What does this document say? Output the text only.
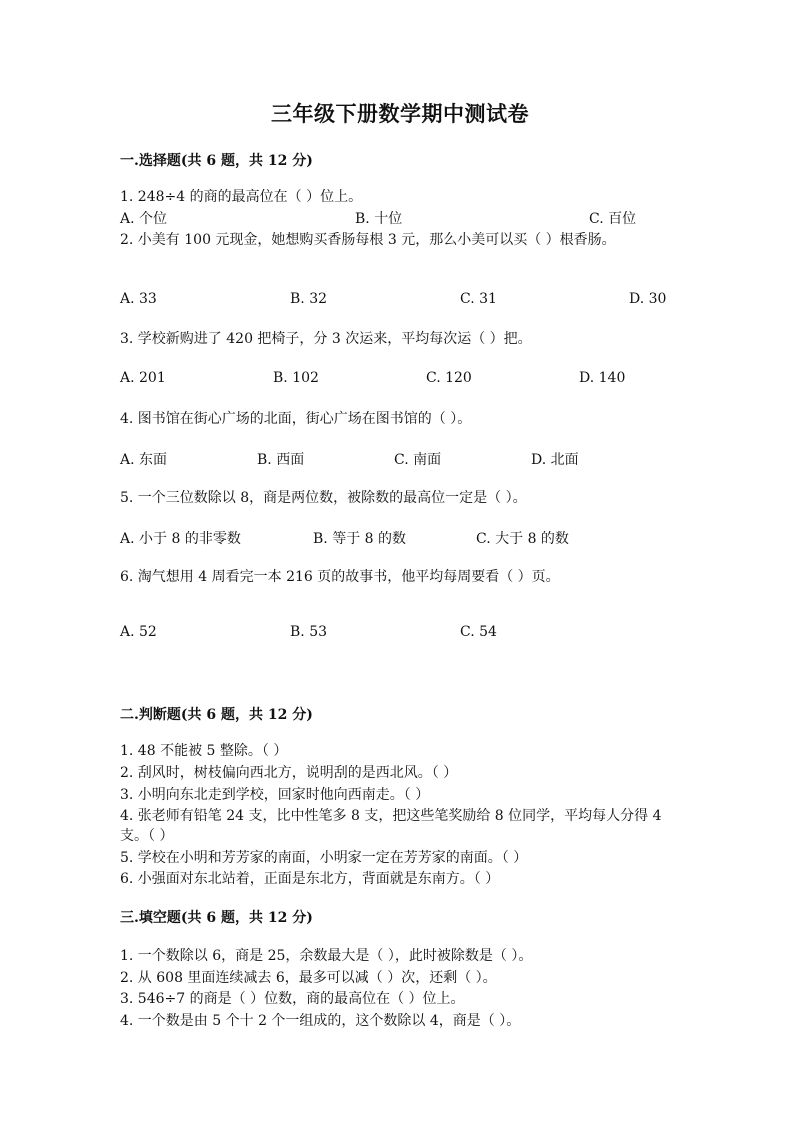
三年级下册数学期中测试卷
一.选择题(共 6 题，共 12 分)
1. 248÷4 的商的最高位在（ ）位上。
A. 个位	B. 十位	C. 百位
2. 小美有 100 元现金，她想购买香肠每根 3 元，那么小美可以买（ ）根香肠。
A. 33	B. 32	C. 31	D. 30
3. 学校新购进了 420 把椅子，分 3 次运来，平均每次运（ ）把。
A. 201	B. 102	C. 120	D. 140
4. 图书馆在街心广场的北面，街心广场在图书馆的（ ）。
A. 东面	B. 西面	C. 南面	D. 北面
5. 一个三位数除以 8，商是两位数，被除数的最高位一定是（ ）。
A. 小于 8 的非零数	B. 等于 8 的数	C. 大于 8 的数
6. 淘气想用 4 周看完一本 216 页的故事书，他平均每周要看（ ）页。
A. 52	B. 53	C. 54
二.判断题(共 6 题，共 12 分)
1. 48 不能被 5 整除。（ ）
2. 刮风时，树枝偏向西北方，说明刮的是西北风。（ ）
3. 小明向东北走到学校，回家时他向西南走。（ ）
4. 张老师有铅笔 24 支，比中性笔多 8 支，把这些笔奖励给 8 位同学，平均每人分得 4 支。（ ）
5. 学校在小明和芳芳家的南面，小明家一定在芳芳家的南面。（ ）
6. 小强面对东北站着，正面是东北方，背面就是东南方。（ ）
三.填空题(共 6 题，共 12 分)
1. 一个数除以 6，商是 25，余数最大是（ ），此时被除数是（ ）。
2. 从 608 里面连续减去 6，最多可以减（ ）次，还剩（ ）。
3. 546÷7 的商是（ ）位数，商的最高位在（ ）位上。
4. 一个数是由 5 个十 2 个一组成的，这个数除以 4，商是（ ）。
